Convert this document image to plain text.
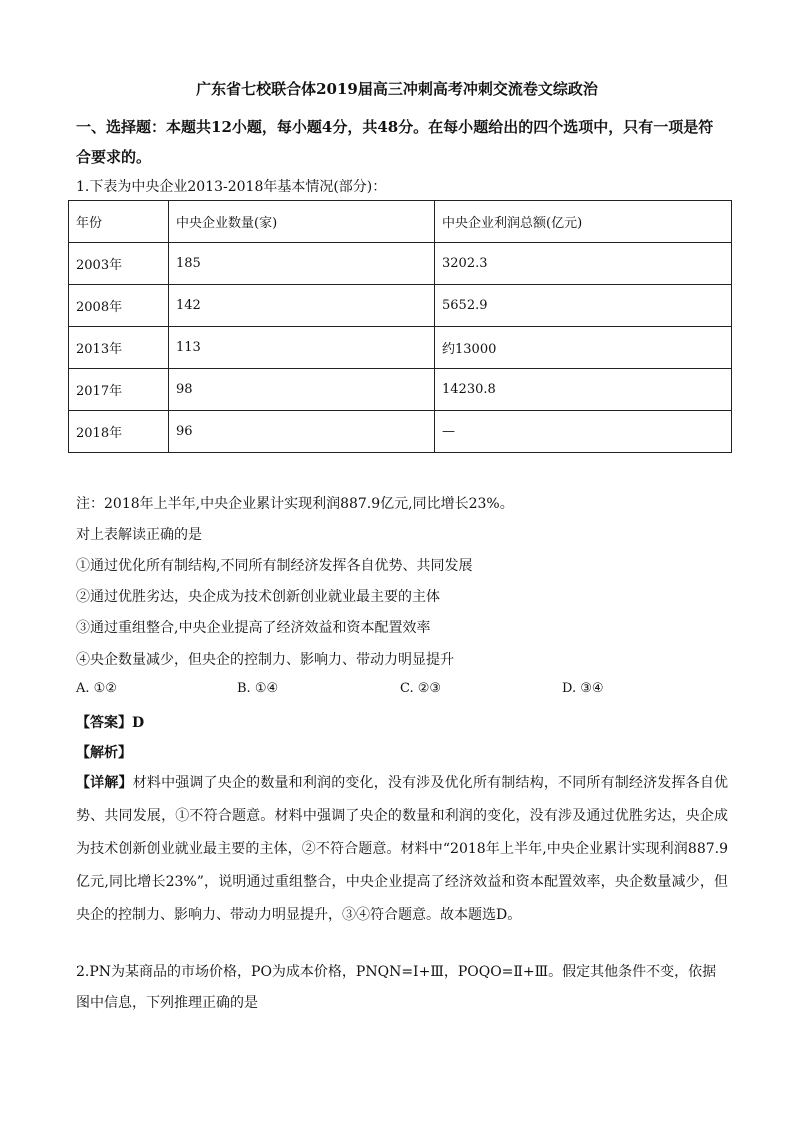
广东省七校联合体2019届高三冲刺高考冲刺交流卷文综政治
一、选择题：本题共12小题，每小题4分，共48分。在每小题给出的四个选项中，只有一项是符合要求的。
1.下表为中央企业2013-2018年基本情况(部分)：
年份	中央企业数量(家)	中央企业利润总额(亿元)
2003年	185	3202.3
2008年	142	5652.9
2013年	113	约13000
2017年	98	14230.8
2018年	96	—
注：2018年上半年,中央企业累计实现利润887.9亿元,同比增长23%。
对上表解读正确的是
①通过优化所有制结构,不同所有制经济发挥各自优势、共同发展
②通过优胜劣达，央企成为技术创新创业就业最主要的主体
③通过重组整合,中央企业提高了经济效益和资本配置效率
④央企数量减少，但央企的控制力、影响力、带动力明显提升
A. ①②	B. ①④	C. ②③	D. ③④
【答案】D
【解析】
【详解】材料中强调了央企的数量和利润的变化，没有涉及优化所有制结构，不同所有制经济发挥各自优势、共同发展，①不符合题意。材料中强调了央企的数量和利润的变化，没有涉及通过优胜劣达，央企成为技术创新创业就业最主要的主体，②不符合题意。材料中“2018年上半年,中央企业累计实现利润887.9亿元,同比增长23%”，说明通过重组整合，中央企业提高了经济效益和资本配置效率，央企数量减少，但央企的控制力、影响力、带动力明显提升，③④符合题意。故本题选D。
2.PN为某商品的市场价格，PO为成本价格，PNQN=Ⅰ+Ⅲ，POQO=Ⅱ+Ⅲ。假定其他条件不变，依据图中信息，下列推理正确的是
